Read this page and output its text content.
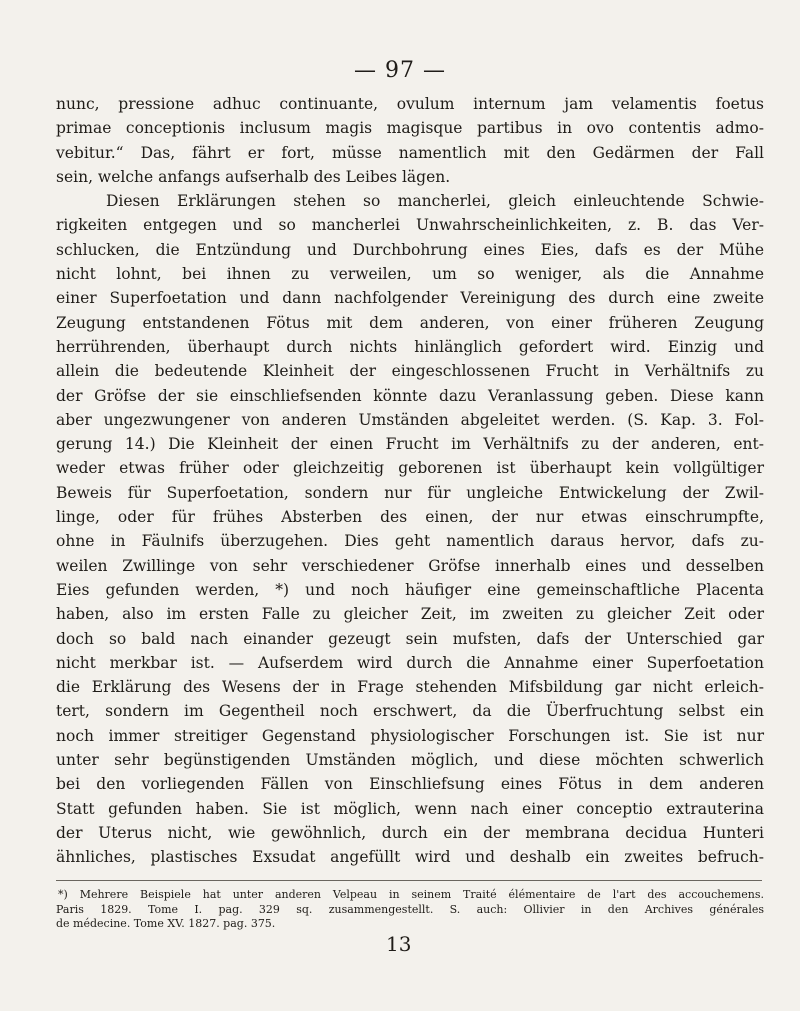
— 97 —
nunc, pressione adhuc continuante, ovulum internum jam velamentis foetus
primae conceptionis inclusum magis magisque partibus in ovo contentis admo-
vebitur.“ Das, fährt er fort, müsse namentlich mit den Gedärmen der Fall
sein, welche anfangs aufserhalb des Leibes lägen.
Diesen Erklärungen stehen so mancherlei, gleich einleuchtende Schwie-
rigkeiten entgegen und so mancherlei Unwahrscheinlichkeiten, z. B. das Ver-
schlucken, die Entzündung und Durchbohrung eines Eies, dafs es der Mühe
nicht lohnt, bei ihnen zu verweilen, um so weniger, als die Annahme
einer Superfoetation und dann nachfolgender Vereinigung des durch eine zweite
Zeugung entstandenen Fötus mit dem anderen, von einer früheren Zeugung
herrührenden, überhaupt durch nichts hinlänglich gefordert wird. Einzig und
allein die bedeutende Kleinheit der eingeschlossenen Frucht in Verhältnifs zu
der Gröfse der sie einschliefsenden könnte dazu Veranlassung geben. Diese kann
aber ungezwungener von anderen Umständen abgeleitet werden. (S. Kap. 3. Fol-
gerung 14.) Die Kleinheit der einen Frucht im Verhältnifs zu der anderen, ent-
weder etwas früher oder gleichzeitig geborenen ist überhaupt kein vollgültiger
Beweis für Superfoetation, sondern nur für ungleiche Entwickelung der Zwil-
linge, oder für frühes Absterben des einen, der nur etwas einschrumpfte,
ohne in Fäulnifs überzugehen. Dies geht namentlich daraus hervor, dafs zu-
weilen Zwillinge von sehr verschiedener Gröfse innerhalb eines und desselben
Eies gefunden werden, *) und noch häufiger eine gemeinschaftliche Placenta
haben, also im ersten Falle zu gleicher Zeit, im zweiten zu gleicher Zeit oder
doch so bald nach einander gezeugt sein mufsten, dafs der Unterschied gar
nicht merkbar ist. — Aufserdem wird durch die Annahme einer Superfoetation
die Erklärung des Wesens der in Frage stehenden Mifsbildung gar nicht erleich-
tert, sondern im Gegentheil noch erschwert, da die Überfruchtung selbst ein
noch immer streitiger Gegenstand physiologischer Forschungen ist. Sie ist nur
unter sehr begünstigenden Umständen möglich, und diese möchten schwerlich
bei den vorliegenden Fällen von Einschliefsung eines Fötus in dem anderen
Statt gefunden haben. Sie ist möglich, wenn nach einer conceptio extrauterina
der Uterus nicht, wie gewöhnlich, durch ein der membrana decidua Hunteri
ähnliches, plastisches Exsudat angefüllt wird und deshalb ein zweites befruch-
*) Mehrere Beispiele hat unter anderen Velpeau in seinem Traité élémentaire de l'art des accouchemens.
Paris 1829. Tome I. pag. 329 sq. zusammengestellt. S. auch: Ollivier in den Archives générales
de médecine. Tome XV. 1827. pag. 375.
13
